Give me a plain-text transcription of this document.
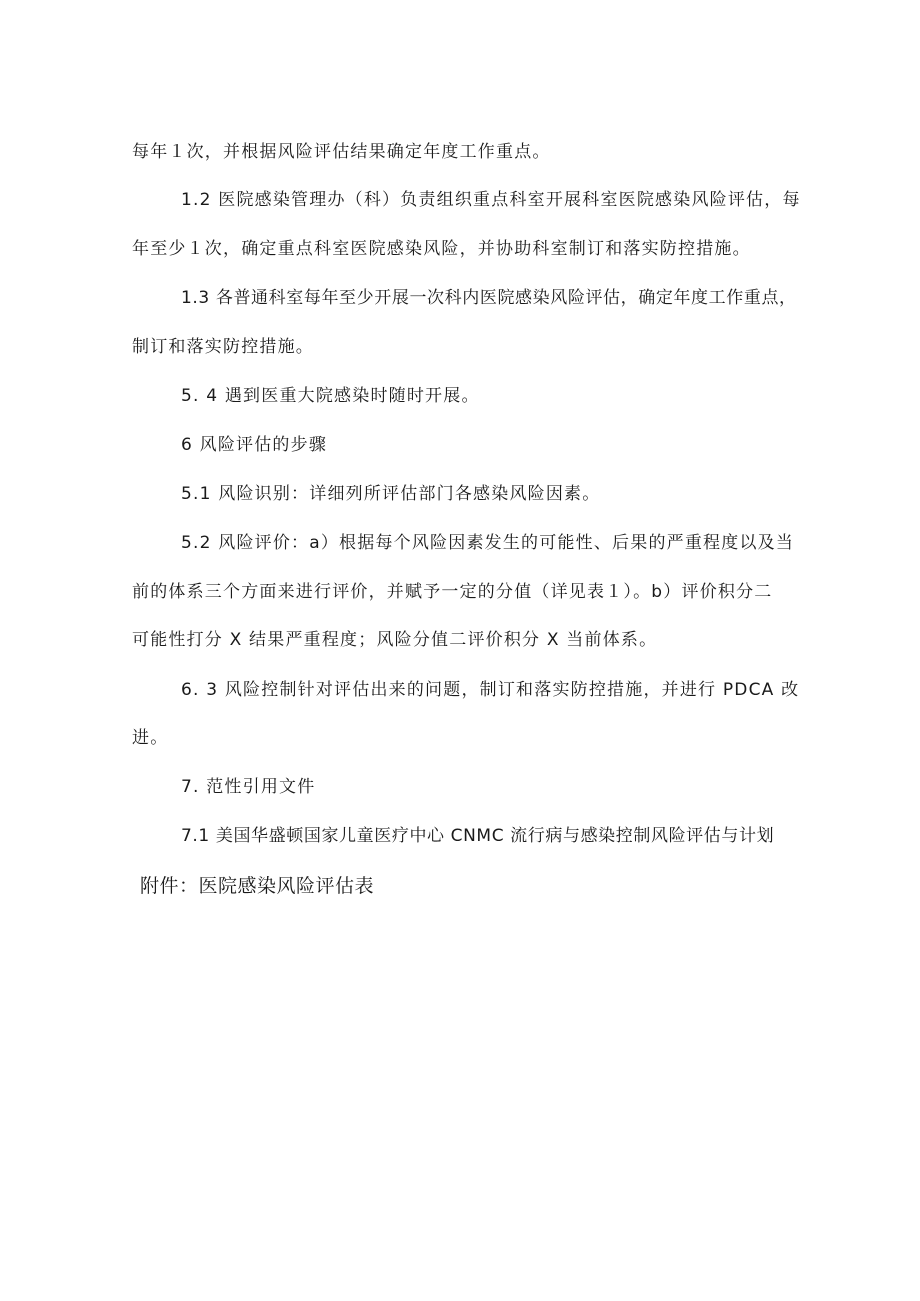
每年１次，并根据风险评估结果确定年度工作重点。
1.2 医院感染管理办（科）负责组织重点科室开展科室医院感染风险评估，每
年至少１次，确定重点科室医院感染风险，并协助科室制订和落实防控措施。
1.3 各普通科室每年至少开展一次科内医院感染风险评估，确定年度工作重点，
制订和落实防控措施。
5. 4 遇到医重大院感染时随时开展。
6 风险评估的步骤
5.1 风险识别：详细列所评估部门各感染风险因素。
5.2 风险评价：a）根据每个风险因素发生的可能性、后果的严重程度以及当
前的体系三个方面来进行评价，并赋予一定的分值（详见表１）。b）评价积分二
可能性打分 X 结果严重程度；风险分值二评价积分 X 当前体系。
6. 3 风险控制针对评估出来的问题，制订和落实防控措施，并进行 PDCA 改
进。
7. 范性引用文件
7.1 美国华盛顿国家儿童医疗中心 CNMC 流行病与感染控制风险评估与计划
附件：医院感染风险评估表
